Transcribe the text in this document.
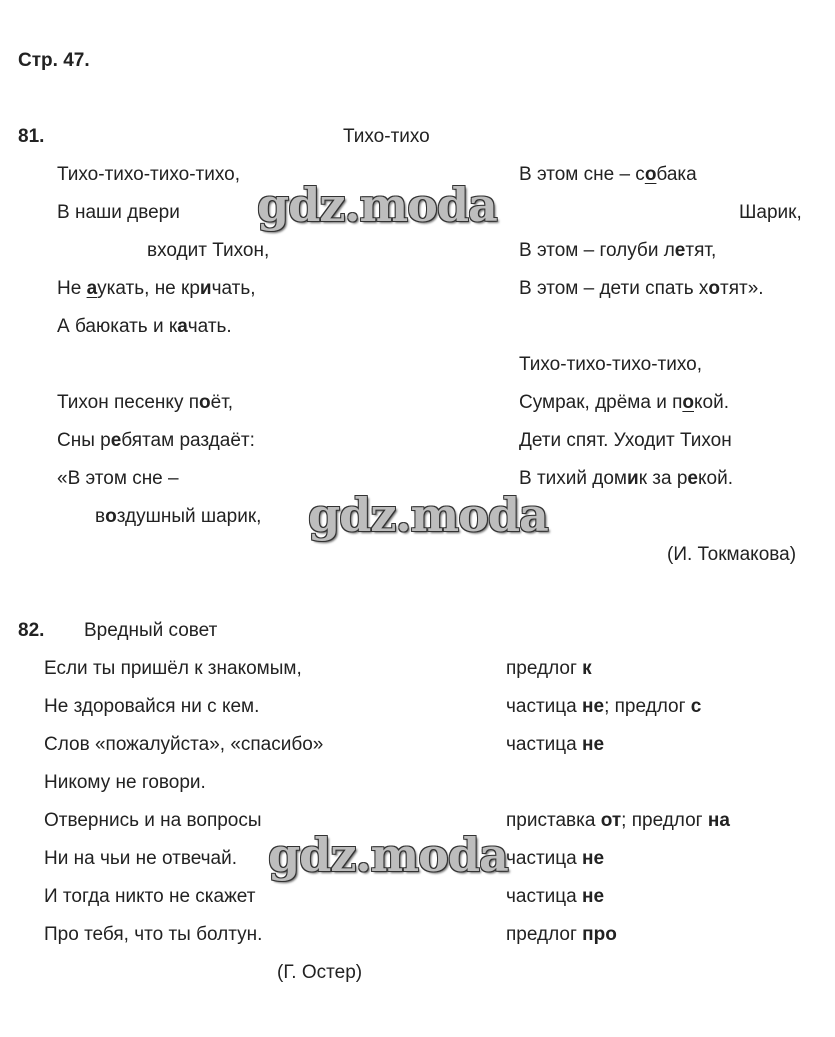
Стр. 47.
81.	Тихо-тихо
Тихо-тихо-тихо-тихо,
В наши двери
входит Тихон,
Не аукать, не кричать,
А баюкать и качать.
Тихон песенку поёт,
Сны ребятам раздаёт:
«В этом сне –
воздушный шарик,
В этом сне – собака
Шарик,
В этом – голуби летят,
В этом – дети спать хотят».
Тихо-тихо-тихо-тихо,
Сумрак, дрёма и покой.
Дети спят. Уходит Тихон
В тихий домик за рекой.
(И. Токмакова)
82. Вредный совет
Если ты пришёл к знакомым,
Не здоровайся ни с кем.
Слов «пожалуйста», «спасибо»
Никому не говори.
Отвернись и на вопросы
Ни на чьи не отвечай.
И тогда никто не скажет
Про тебя, что ты болтун.
предлог к
частица не; предлог с
частица не
приставка от; предлог на
частица не
частица не
предлог про
(Г. Остер)
gdz.moda
gdz.moda
gdz.moda
